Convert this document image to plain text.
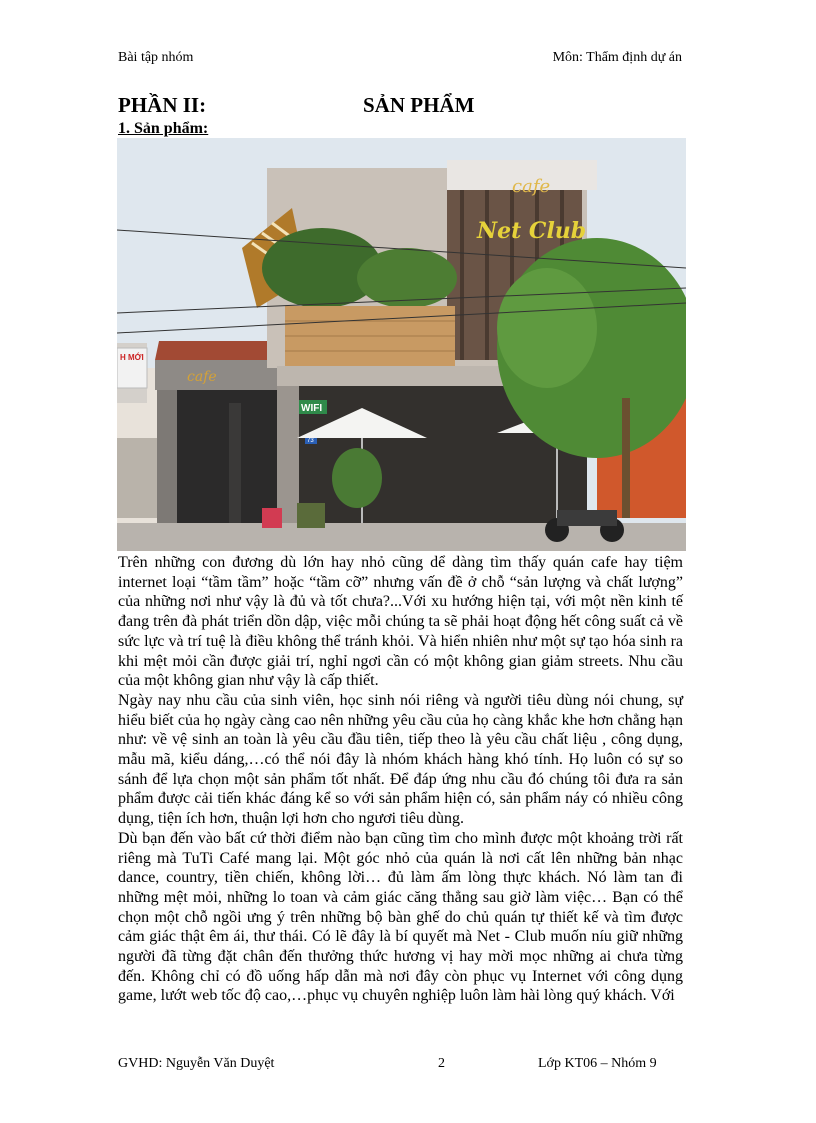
Bài tập nhóm	Môn: Thẩm định dự án
PHẦN II:	SẢN PHẨM
1. Sản phẩm:
H MỚI
cafe
cafe
Net Club
WIFI
73

Trên những con đương dù lớn hay nhỏ cũng dể dàng tìm thấy quán cafe hay tiệm internet loại “tầm tầm” hoặc “tầm cỡ” nhưng vấn đề ở chỗ “sản lượng và chất lượng” của những nơi như vậy là đủ và tốt chưa?...Với xu hướng hiện tại, với một nền kinh tế đang trên đà phát triển dồn dập, việc mỗi chúng ta sẽ phải hoạt động hết công suất cả về sức lực và trí tuệ là điều không thể tránh khỏi. Và hiển nhiên như một sự tạo hóa sinh ra khi mệt mỏi cần được giải trí, nghỉ ngơi cần có một không gian giảm streets. Nhu cầu của một không gian như vậy là cấp thiết.

Ngày nay nhu cầu của sinh viên, học sinh nói riêng và người tiêu dùng nói chung, sự hiểu biết của họ ngày càng cao nên những yêu cầu của họ càng khắc khe hơn chẳng hạn như: về vệ sinh an toàn là yêu cầu đầu tiên, tiếp theo là yêu cầu chất liệu , công dụng, mẫu mã, kiểu dáng,…có thể nói đây là nhóm khách hàng khó tính. Họ luôn có sự so sánh để lựa chọn một sản phẩm tốt nhất. Để đáp ứng nhu cầu đó chúng tôi đưa ra sản phẩm được cải tiến khác đáng kể so với sản phẩm hiện có, sản phẩm náy có nhiều công dụng, tiện ích hơn, thuận lợi hơn cho ngươi tiêu dùng.

Dù bạn đến vào bất cứ thời điểm nào bạn cũng tìm cho mình được một khoảng trời rất riêng mà TuTi Café mang lại. Một góc nhỏ của quán là nơi cất lên những bản nhạc dance, country, tiền chiến, không lời… đủ làm ấm lòng thực khách. Nó làm tan đi những mệt mỏi, những lo toan và cảm giác căng thẳng sau giờ làm việc… Bạn có thể chọn một chỗ ngồi ưng ý trên những bộ bàn ghế do chủ quán tự thiết kế và tìm được cảm giác thật êm ái, thư thái. Có lẽ đây là bí quyết mà Net - Club muốn níu giữ những người đã từng đặt chân đến thưởng thức hương vị hay mời mọc những ai chưa từng đến. Không chỉ có đồ uống hấp dẫn mà nơi đây còn phục vụ Internet với công dụng game, lướt web tốc độ cao,…phục vụ chuyên nghiệp luôn làm hài lòng quý khách. Với

GVHD: Nguyễn Văn Duyệt	2	Lớp KT06 – Nhóm 9
